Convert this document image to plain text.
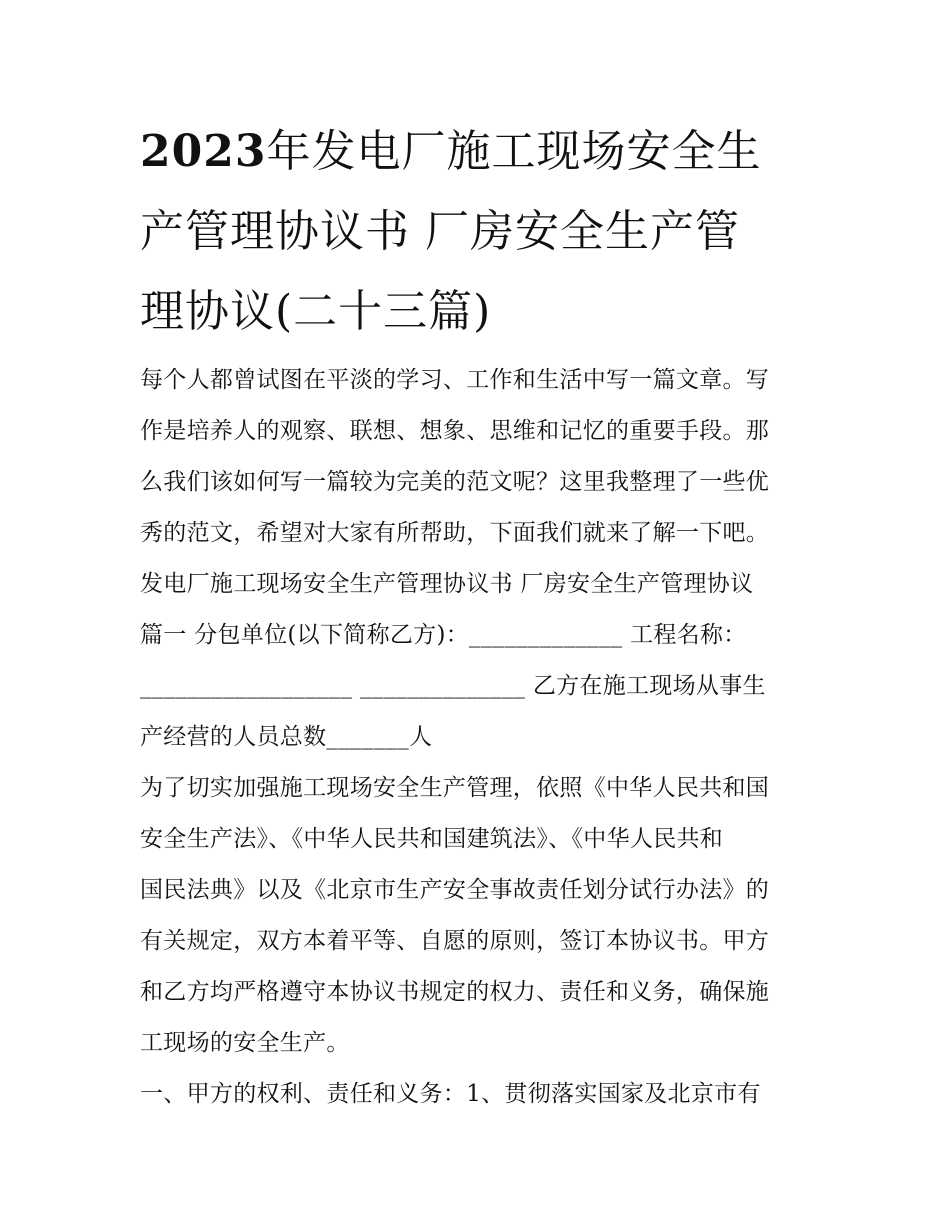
2023年发电厂施工现场安全生
产管理协议书 厂房安全生产管
理协议(二十三篇)
每个人都曾试图在平淡的学习、工作和生活中写一篇文章。写
作是培养人的观察、联想、想象、思维和记忆的重要手段。那
么我们该如何写一篇较为完美的范文呢？这里我整理了一些优
秀的范文，希望对大家有所帮助，下面我们就来了解一下吧。
发电厂施工现场安全生产管理协议书 厂房安全生产管理协议
篇一 分包单位(以下简称乙方)：_____________ 工程名称：
__________________ ______________ 乙方在施工现场从事生
产经营的人员总数_______人
为了切实加强施工现场安全生产管理，依照《中华人民共和国
安全生产法》、《中华人民共和国建筑法》、《中华人民共和
国民法典》以及《北京市生产安全事故责任划分试行办法》的
有关规定，双方本着平等、自愿的原则，签订本协议书。甲方
和乙方均严格遵守本协议书规定的权力、责任和义务，确保施
工现场的安全生产。
一、甲方的权利、责任和义务：1、贯彻落实国家及北京市有
